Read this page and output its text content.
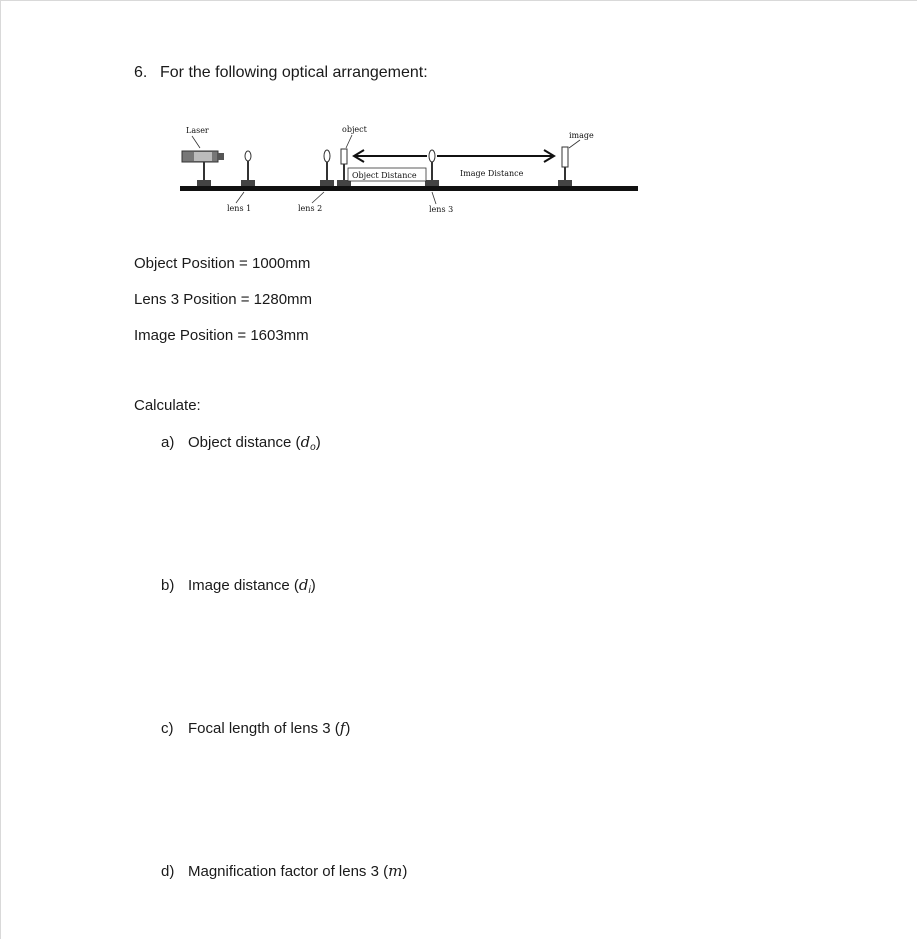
6. For the following optical arrangement:
Object Distance	Image Distance
Laser	object
image
lens 1	lens 2	lens 3
Object Position = 1000mm
Lens 3 Position = 1280mm
Image Position = 1603mm
Calculate:
a) Object distance $(d_o)$
b) Image distance $(d_i)$
c) Focal length of lens 3 (f)
d) Magnification factor of lens 3 (m)
